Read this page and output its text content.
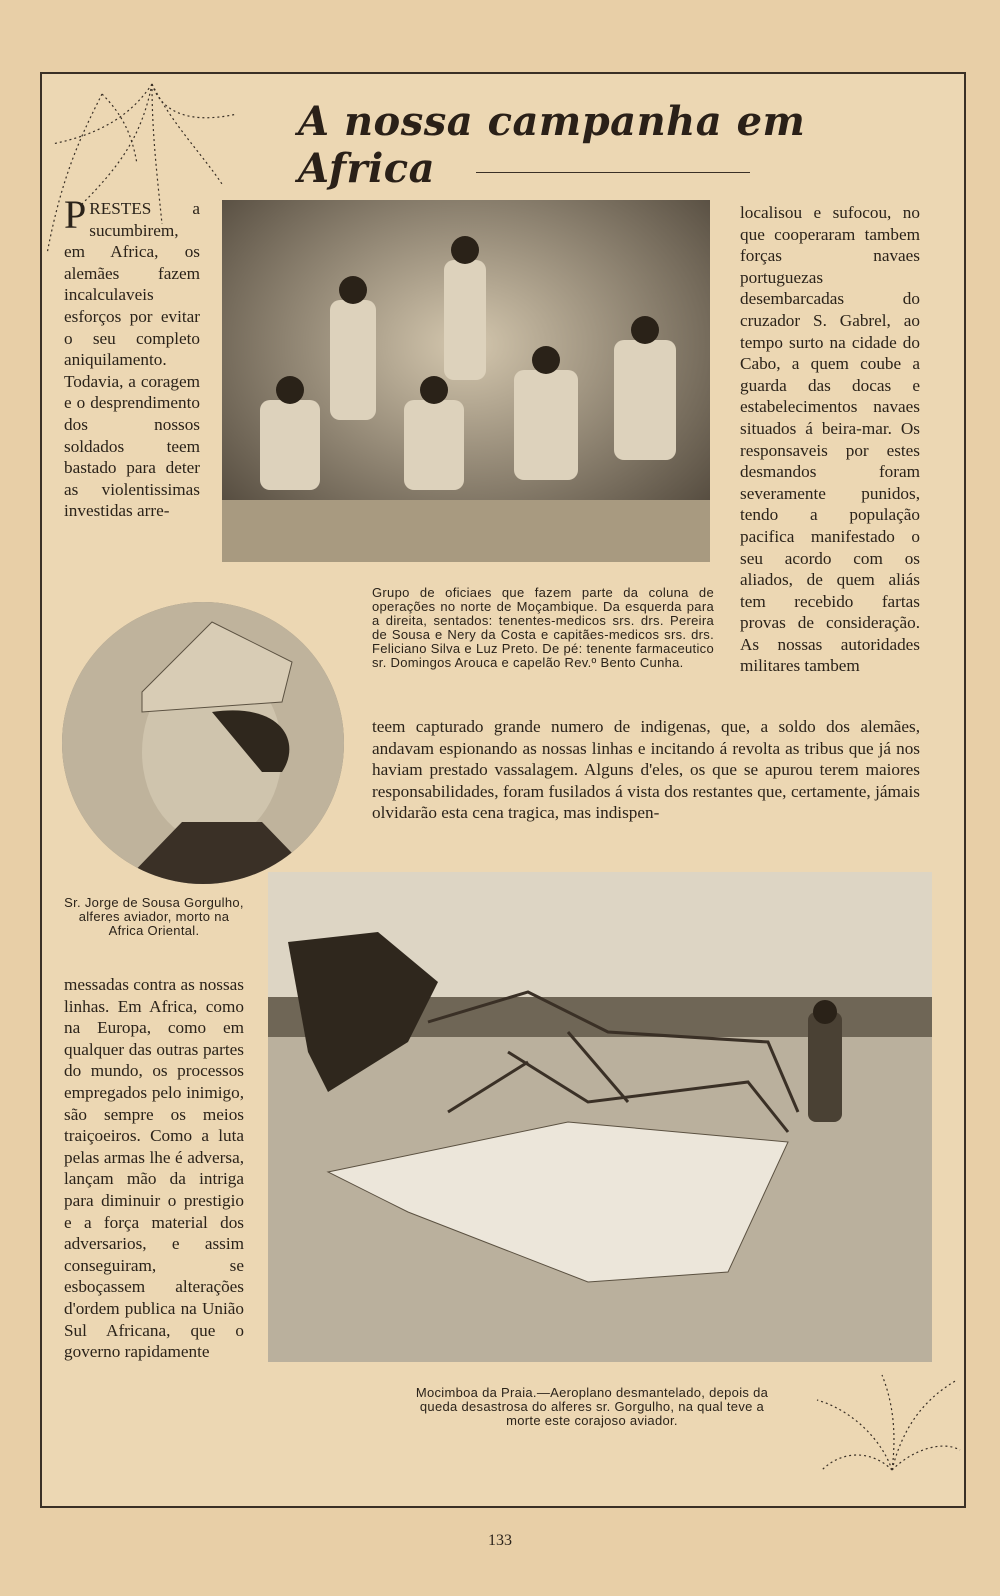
A nossa campanha em Africa
PRESTES a sucumbirem, em Africa, os alemães fazem incalculaveis esforços por evitar o seu completo aniquilamento. Todavia, a coragem e o desprendimento dos nossos soldados teem bastado para deter as violentissimas investidas arre-
Grupo de oficiaes que fazem parte da coluna de operações no norte de Moçambique. Da esquerda para a direita, sentados: tenentes-medicos srs. drs. Pereira de Sousa e Nery da Costa e capitães-medicos srs. drs. Feliciano Silva e Luz Preto. De pé: tenente farmaceutico sr. Domingos Arouca e capelão Rev.º Bento Cunha.
localisou e sufocou, no que cooperaram tambem forças navaes portuguezas desembarcadas do cruzador S. Gabrel, ao tempo surto na cidade do Cabo, a quem coube a guarda das docas e estabelecimentos navaes situados á beira-mar. Os responsaveis por estes desmandos foram severamente punidos, tendo a população pacifica manifestado o seu acordo com os aliados, de quem aliás tem recebido fartas provas de consideração. As nossas autoridades militares tambem
teem capturado grande numero de indigenas, que, a soldo dos alemães, andavam espionando as nossas linhas e incitando á revolta as tribus que já nos haviam prestado vassalagem. Alguns d'eles, os que se apurou terem maiores responsabilidades, foram fusilados á vista dos restantes que, certamente, jámais olvidarão esta cena tragica, mas indispen-
Sr. Jorge de Sousa Gorgulho, alferes aviador, morto na Africa Oriental.
messadas contra as nossas linhas. Em Africa, como na Europa, como em qualquer das outras partes do mundo, os processos empregados pelo inimigo, são sempre os meios traiçoeiros. Como a luta pelas armas lhe é adversa, lançam mão da intriga para diminuir o prestigio e a força material dos adversarios, e assim conseguiram, se esboçassem alterações d'ordem publica na União Sul Africana, que o governo rapidamente
Mocimboa da Praia.—Aeroplano desmantelado, depois da queda desastrosa do alferes sr. Gorgulho, na qual teve a morte este corajoso aviador.
133
